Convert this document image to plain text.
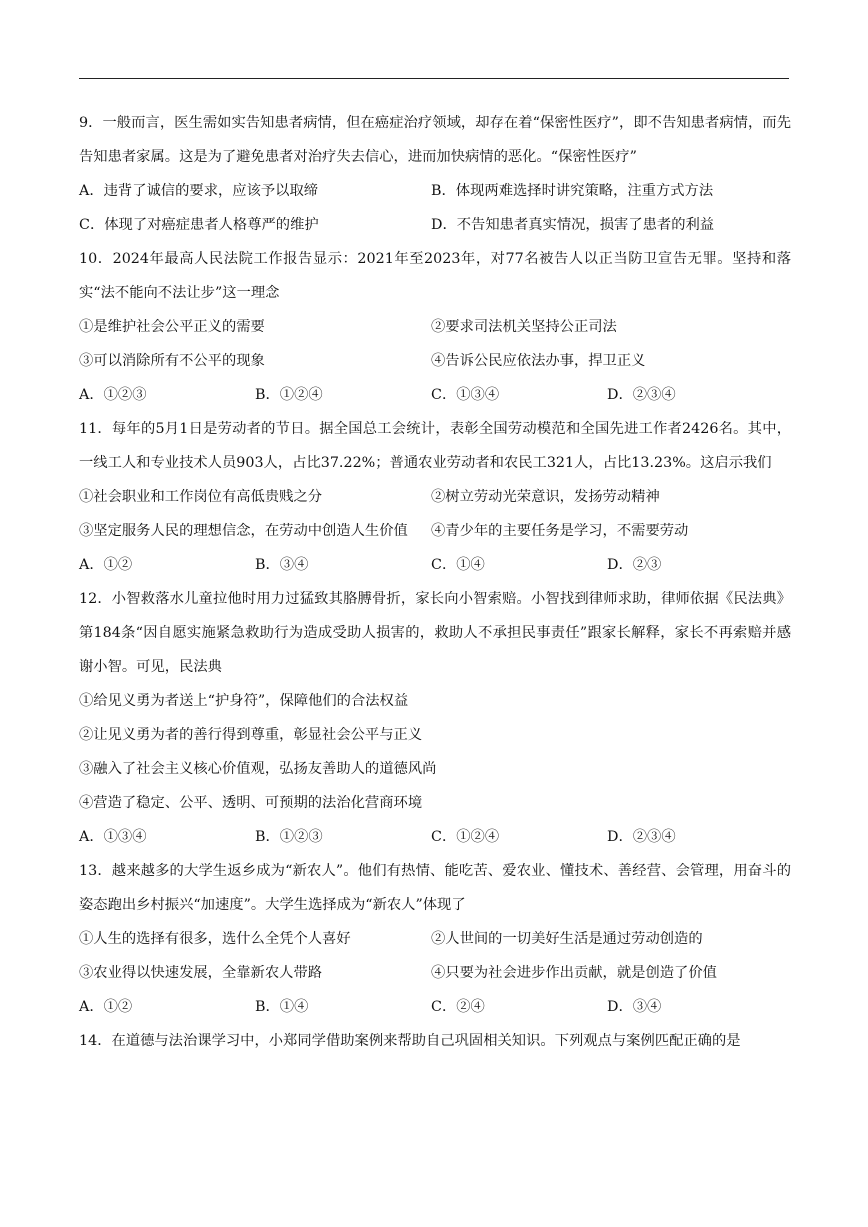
9．一般而言，医生需如实告知患者病情，但在癌症治疗领域，却存在着“保密性医疗”，即不告知患者病情，而先告知患者家属。这是为了避免患者对治疗失去信心，进而加快病情的恶化。“保密性医疗”
A．违背了诚信的要求，应该予以取缔	B．体现两难选择时讲究策略，注重方式方法
C．体现了对癌症患者人格尊严的维护	D．不告知患者真实情况，损害了患者的利益
10．2024年最高人民法院工作报告显示：2021年至2023年，对77名被告人以正当防卫宣告无罪。坚持和落实“法不能向不法让步”这一理念
①是维护社会公平正义的需要	②要求司法机关坚持公正司法
③可以消除所有不公平的现象	④告诉公民应依法办事，捍卫正义
A．①②③	B．①②④	C．①③④	D．②③④
11．每年的5月1日是劳动者的节日。据全国总工会统计，表彰全国劳动模范和全国先进工作者2426名。其中，一线工人和专业技术人员903人，占比37.22%；普通农业劳动者和农民工321人，占比13.23%。这启示我们
①社会职业和工作岗位有高低贵贱之分	②树立劳动光荣意识，发扬劳动精神
③坚定服务人民的理想信念，在劳动中创造人生价值	④青少年的主要任务是学习，不需要劳动
A．①②	B．③④	C．①④	D．②③
12．小智救落水儿童拉他时用力过猛致其胳膊骨折，家长向小智索赔。小智找到律师求助，律师依据《民法典》第184条“因自愿实施紧急救助行为造成受助人损害的，救助人不承担民事责任”跟家长解释，家长不再索赔并感谢小智。可见，民法典
①给见义勇为者送上“护身符”，保障他们的合法权益
②让见义勇为者的善行得到尊重，彰显社会公平与正义
③融入了社会主义核心价值观，弘扬友善助人的道德风尚
④营造了稳定、公平、透明、可预期的法治化营商环境
A．①③④	B．①②③	C．①②④	D．②③④
13．越来越多的大学生返乡成为“新农人”。他们有热情、能吃苦、爱农业、懂技术、善经营、会管理，用奋斗的姿态跑出乡村振兴“加速度”。大学生选择成为“新农人”体现了
①人生的选择有很多，选什么全凭个人喜好	②人世间的一切美好生活是通过劳动创造的
③农业得以快速发展，全靠新农人带路	④只要为社会进步作出贡献，就是创造了价值
A．①②	B．①④	C．②④	D．③④
14．在道德与法治课学习中，小郑同学借助案例来帮助自己巩固相关知识。下列观点与案例匹配正确的是
